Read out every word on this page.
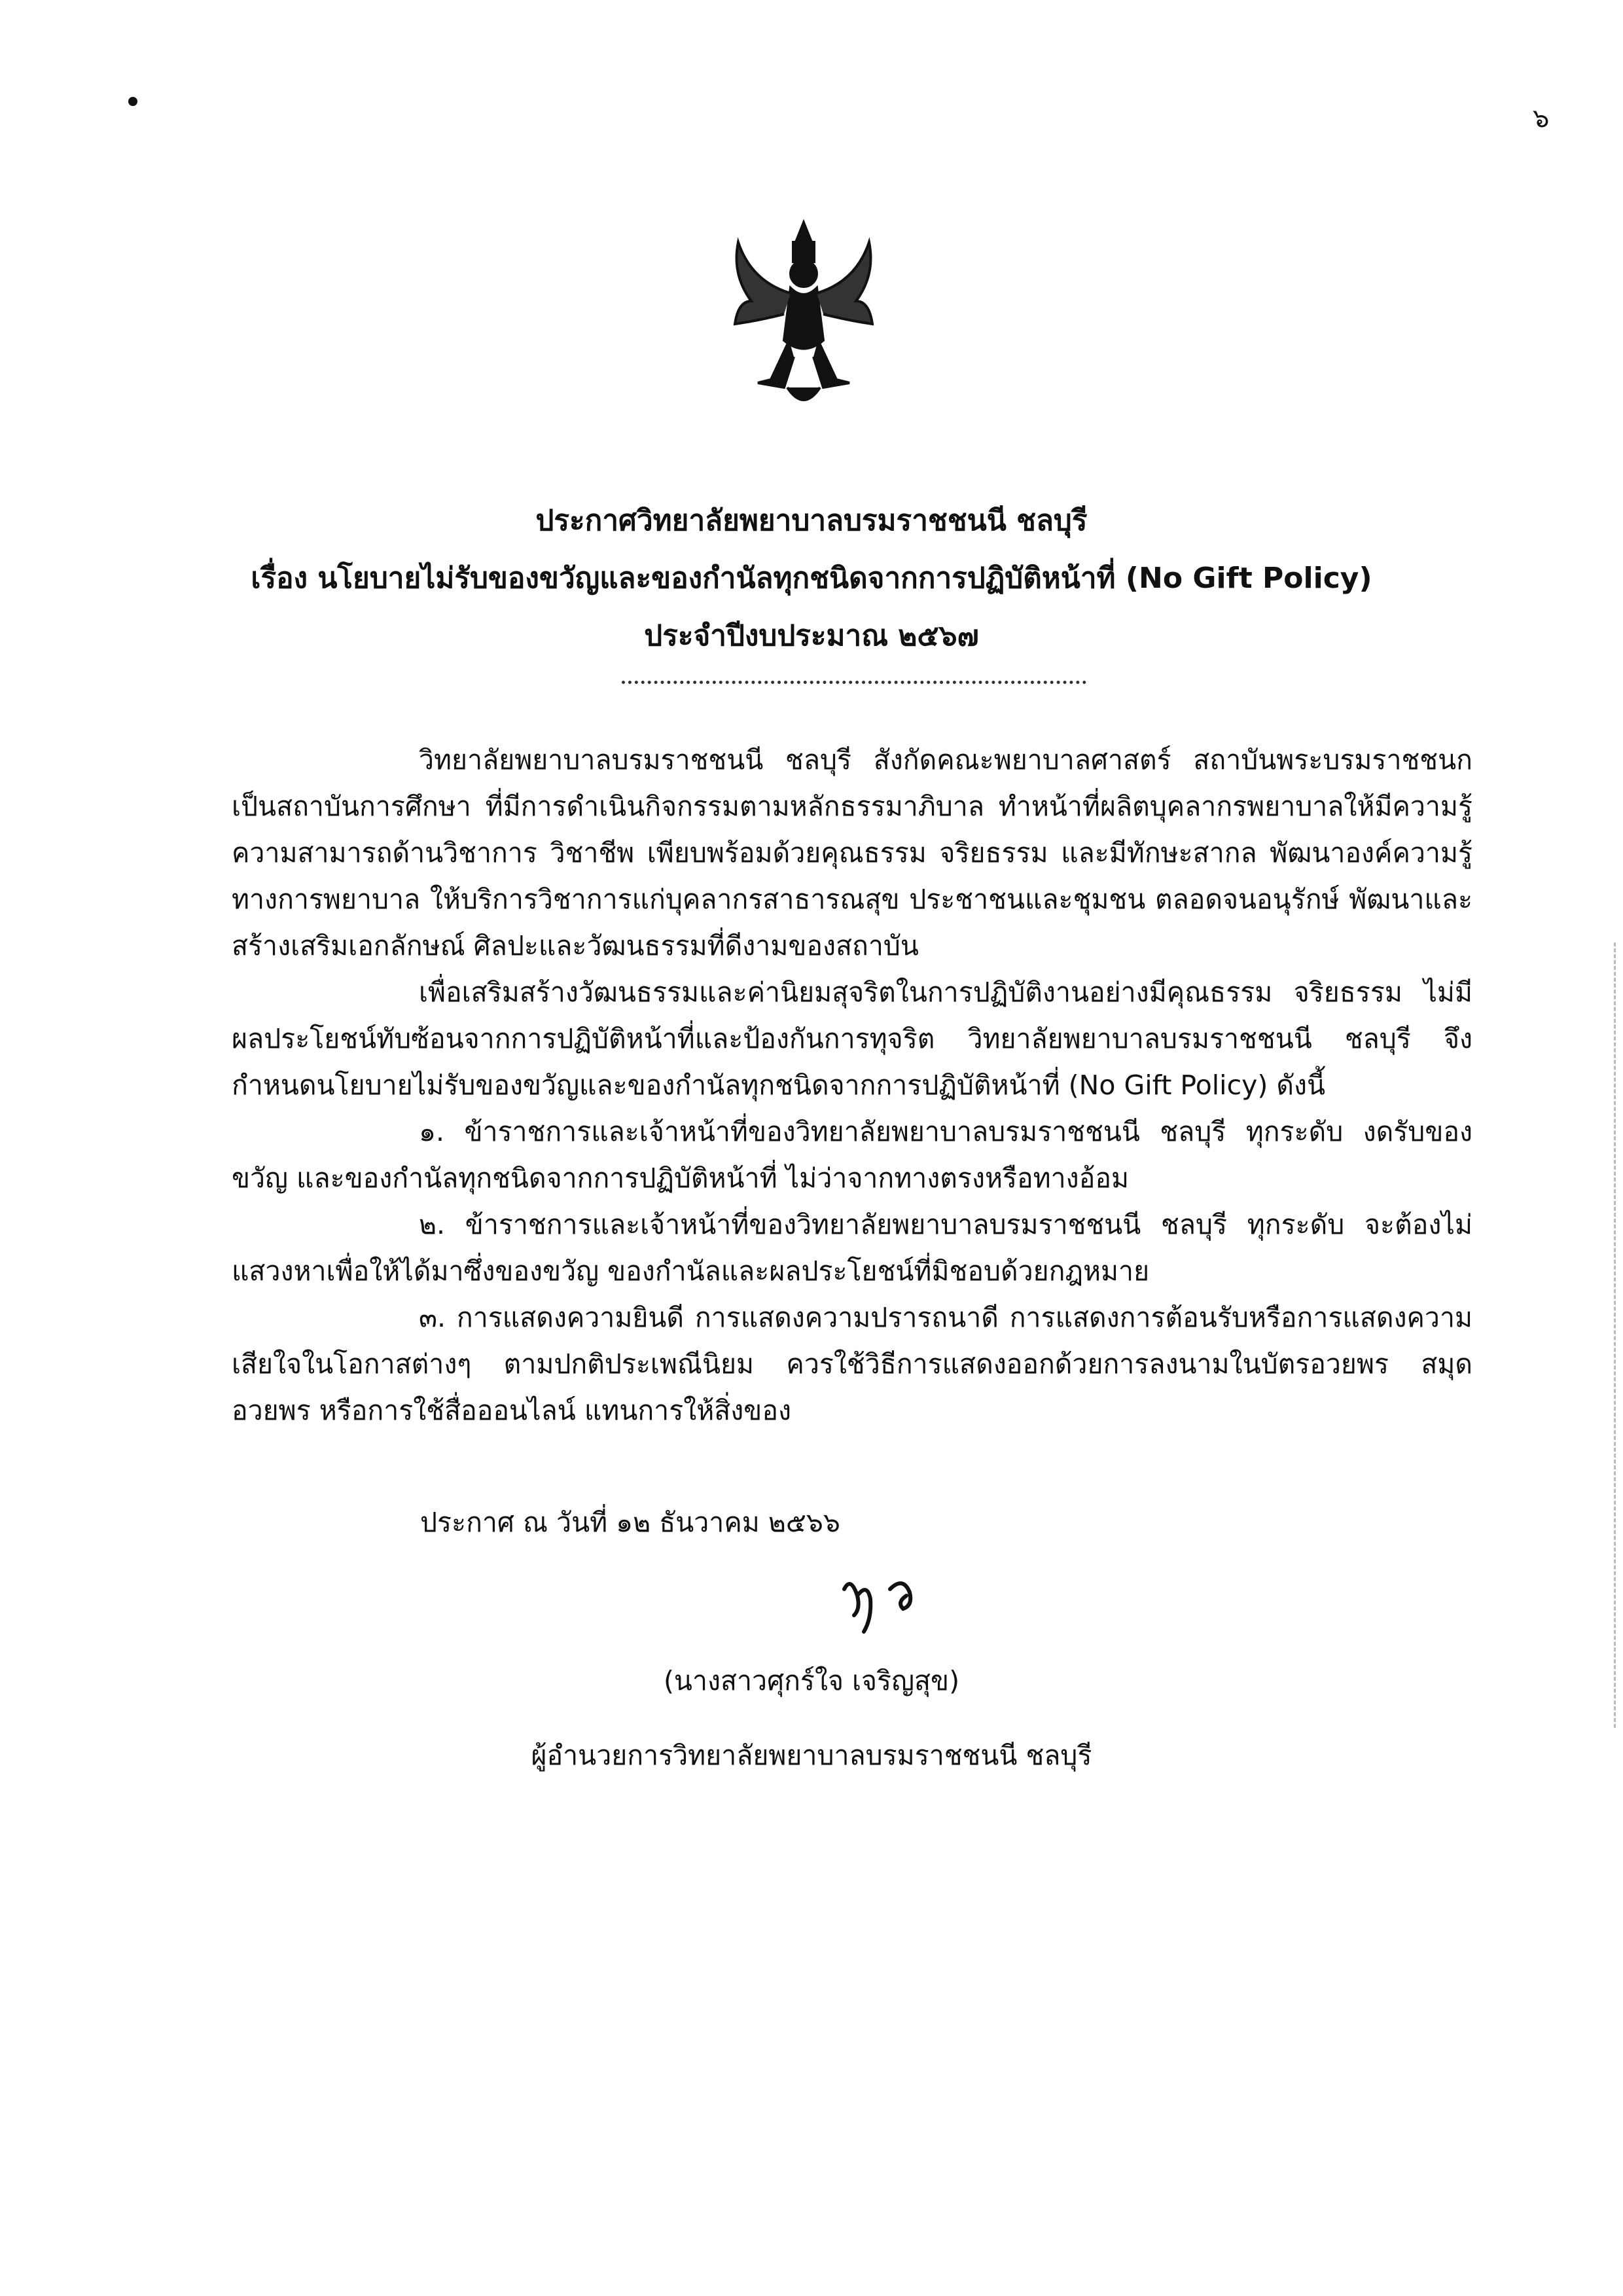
๖
ประกาศวิทยาลัยพยาบาลบรมราชชนนี ชลบุรี
เรื่อง นโยบายไม่รับของขวัญและของกำนัลทุกชนิดจากการปฏิบัติหน้าที่ (No Gift Policy)
ประจำปีงบประมาณ ๒๕๖๗

วิทยาลัยพยาบาลบรมราชชนนี ชลบุรี สังกัดคณะพยาบาลศาสตร์ สถาบันพระบรมราชชนก เป็นสถาบันการศึกษา ที่มีการดำเนินกิจกรรมตามหลักธรรมาภิบาล ทำหน้าที่ผลิตบุคลากรพยาบาลให้มีความรู้ ความสามารถด้านวิชาการ วิชาชีพ เพียบพร้อมด้วยคุณธรรม จริยธรรม และมีทักษะสากล พัฒนาองค์ความรู้ ทางการพยาบาล ให้บริการวิชาการแก่บุคลากรสาธารณสุข ประชาชนและชุมชน ตลอดจนอนุรักษ์ พัฒนาและ สร้างเสริมเอกลักษณ์ ศิลปะและวัฒนธรรมที่ดีงามของสถาบัน

เพื่อเสริมสร้างวัฒนธรรมและค่านิยมสุจริตในการปฏิบัติงานอย่างมีคุณธรรม จริยธรรม ไม่มีผลประโยชน์ทับซ้อนจากการปฏิบัติหน้าที่และป้องกันการทุจริต วิทยาลัยพยาบาลบรมราชชนนี ชลบุรี จึงกำหนดนโยบายไม่รับของขวัญและของกำนัลทุกชนิดจากการปฏิบัติหน้าที่ (No Gift Policy) ดังนี้

๑. ข้าราชการและเจ้าหน้าที่ของวิทยาลัยพยาบาลบรมราชชนนี ชลบุรี ทุกระดับ งดรับของขวัญ และของกำนัลทุกชนิดจากการปฏิบัติหน้าที่ ไม่ว่าจากทางตรงหรือทางอ้อม

๒. ข้าราชการและเจ้าหน้าที่ของวิทยาลัยพยาบาลบรมราชชนนี ชลบุรี ทุกระดับ จะต้องไม่ แสวงหาเพื่อให้ได้มาซึ่งของขวัญ ของกำนัลและผลประโยชน์ที่มิชอบด้วยกฎหมาย

๓. การแสดงความยินดี การแสดงความปรารถนาดี การแสดงการต้อนรับหรือการแสดงความ เสียใจในโอกาสต่างๆ ตามปกติประเพณีนิยม ควรใช้วิธีการแสดงออกด้วยการลงนามในบัตรอวยพร สมุดอวยพร หรือการใช้สื่อออนไลน์ แทนการให้สิ่งของ

ประกาศ ณ วันที่ ๑๒ ธันวาคม ๒๕๖๖
(นางสาวศุกร์ใจ เจริญสุข)
ผู้อำนวยการวิทยาลัยพยาบาลบรมราชชนนี ชลบุรี
